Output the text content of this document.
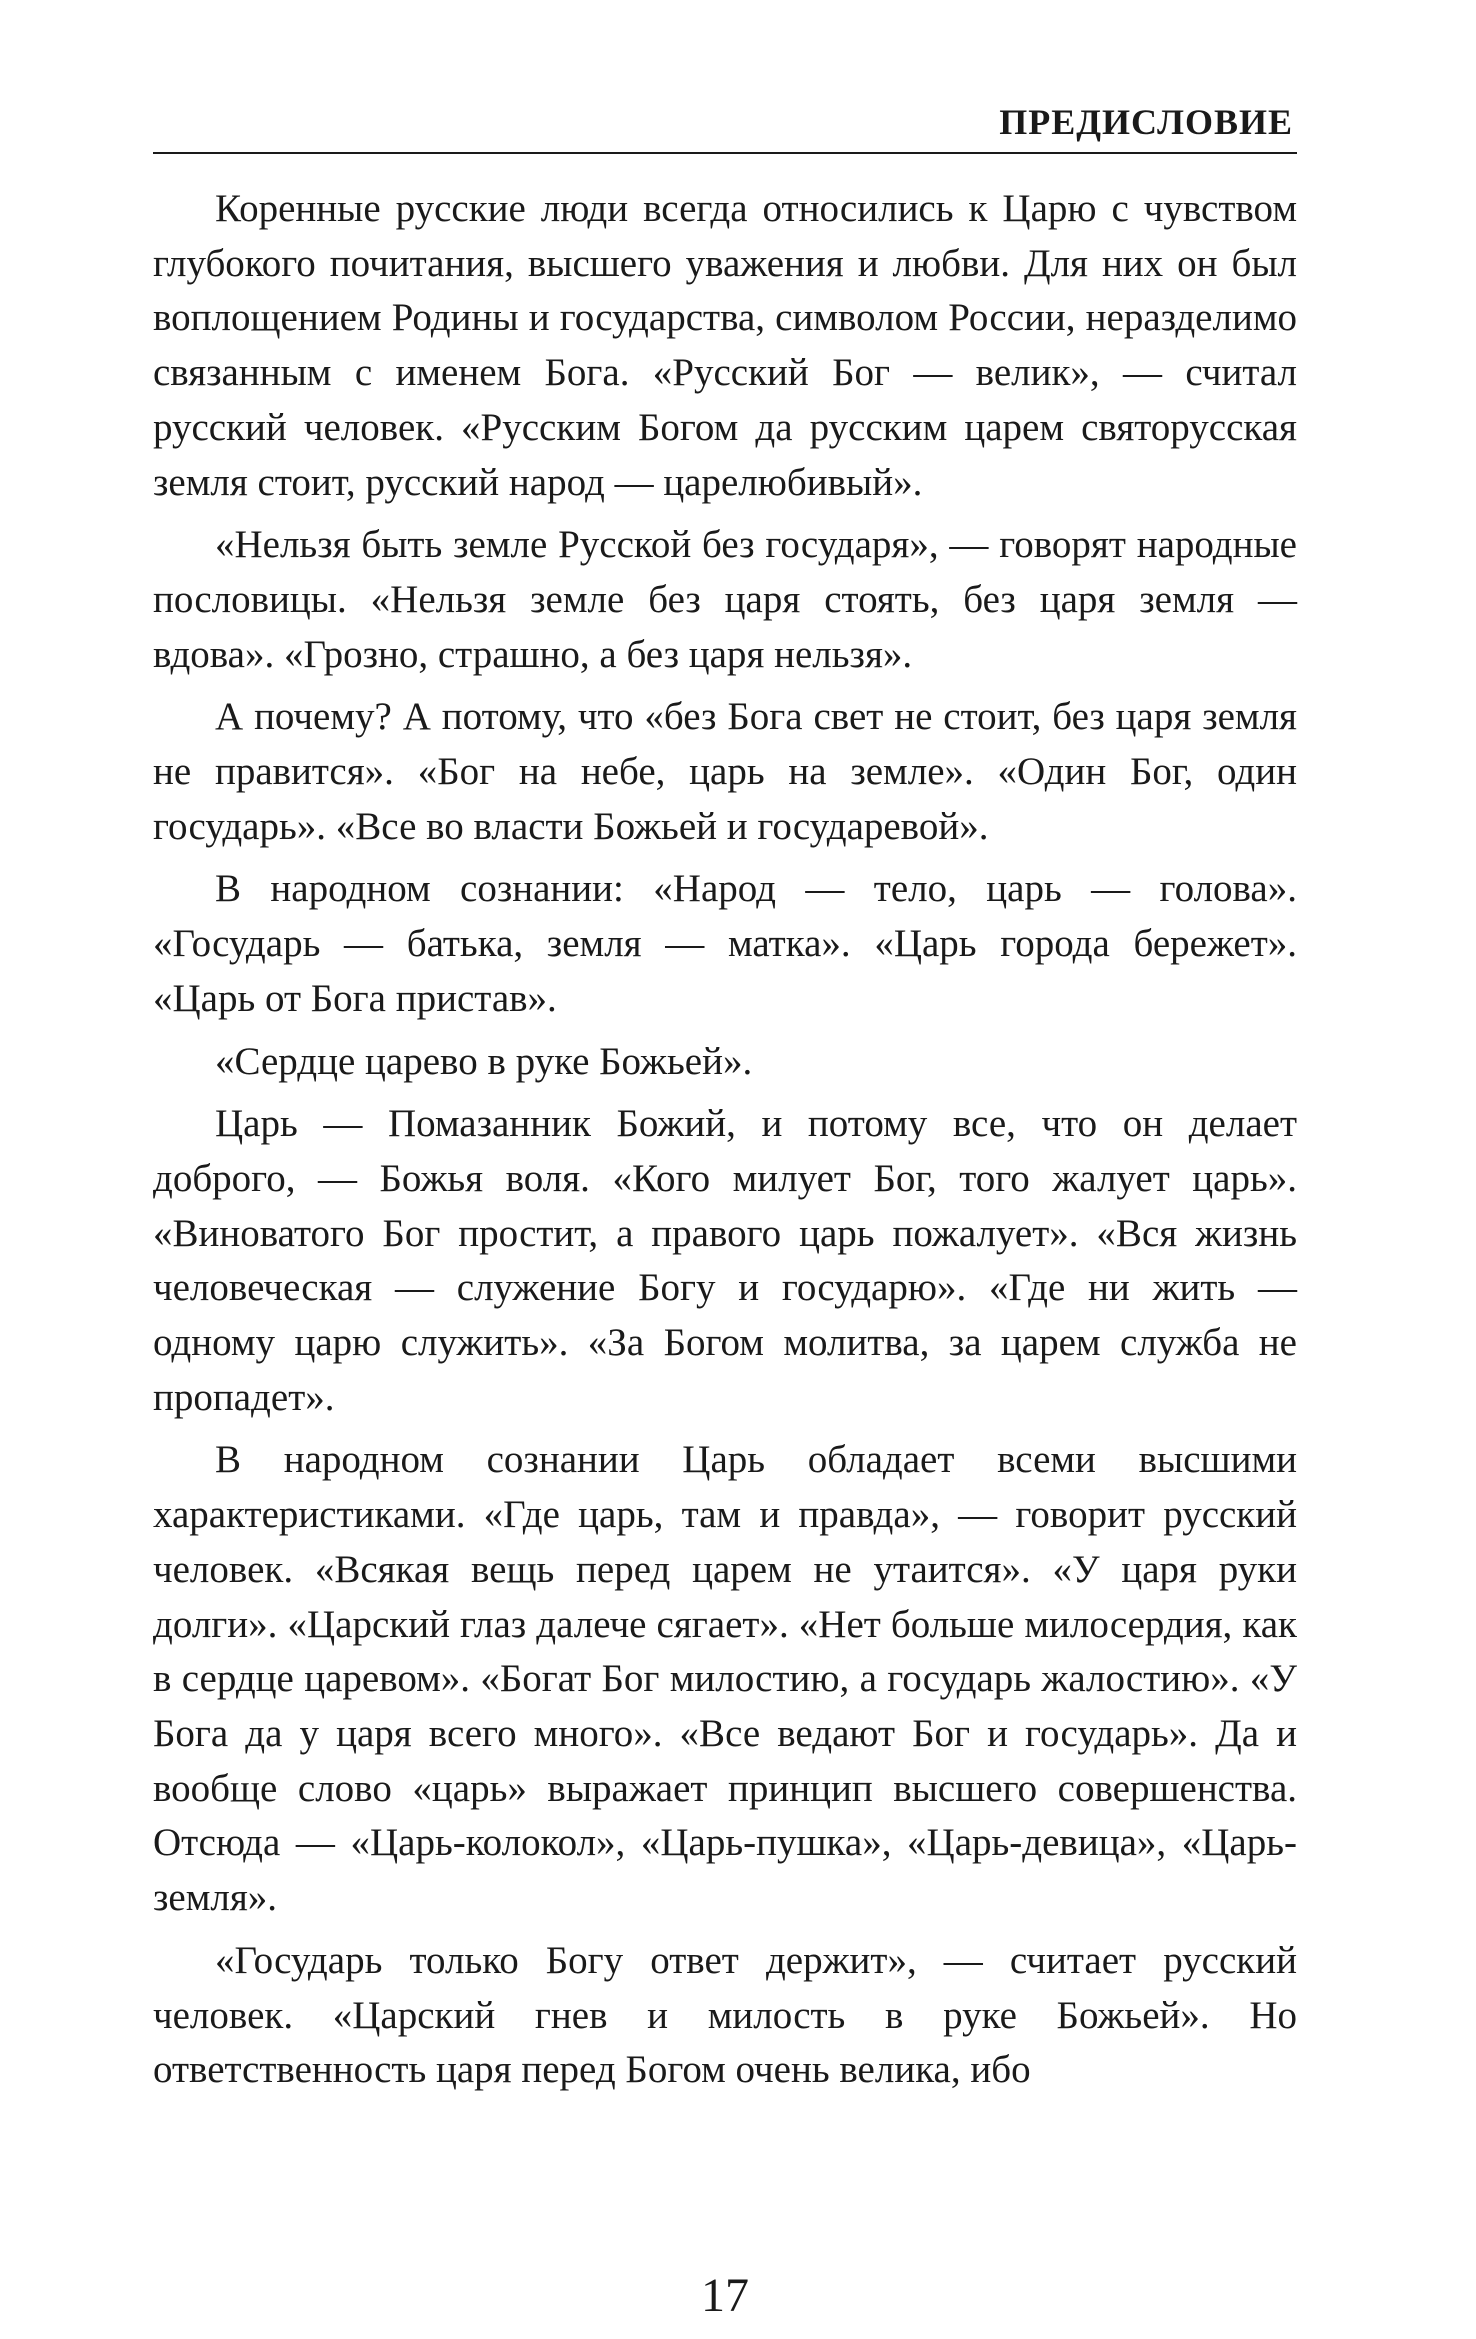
ПРЕДИСЛОВИЕ

Коренные русские люди всегда относились к Царю с чувством глубокого почитания, высшего уважения и любви. Для них он был воплощением Родины и государства, символом России, неразделимо связанным с именем Бога. «Русский Бог — велик», — считал русский человек. «Русским Богом да русским царем святорусская земля стоит, русский народ — царелюбивый».

«Нельзя быть земле Русской без государя», — говорят народные пословицы. «Нельзя земле без царя стоять, без царя земля — вдова». «Грозно, страшно, а без царя нельзя».

А почему? А потому, что «без Бога свет не стоит, без царя земля не правится». «Бог на небе, царь на земле». «Один Бог, один государь». «Все во власти Божьей и государевой».

В народном сознании: «Народ — тело, царь — голова». «Государь — батька, земля — матка». «Царь города бережет». «Царь от Бога пристав».

«Сердце царево в руке Божьей».

Царь — Помазанник Божий, и потому все, что он делает доброго, — Божья воля. «Кого милует Бог, того жалует царь». «Виноватого Бог простит, а правого царь пожалует». «Вся жизнь человеческая — служение Богу и государю». «Где ни жить — одному царю служить». «За Богом молитва, за царем служба не пропадет».

В народном сознании Царь обладает всеми высшими характеристиками. «Где царь, там и правда», — говорит русский человек. «Всякая вещь перед царем не утаится». «У царя руки долги». «Царский глаз далече сягает». «Нет больше милосердия, как в сердце царевом». «Богат Бог милостию, а государь жалостию». «У Бога да у царя всего много». «Все ведают Бог и государь». Да и вообще слово «царь» выражает принцип высшего совершенства. Отсюда — «Царь-колокол», «Царь-пушка», «Царь-девица», «Царь-земля».

«Государь только Богу ответ держит», — считает русский человек. «Царский гнев и милость в руке Божьей». Но ответственность царя перед Богом очень велика, ибо

17
